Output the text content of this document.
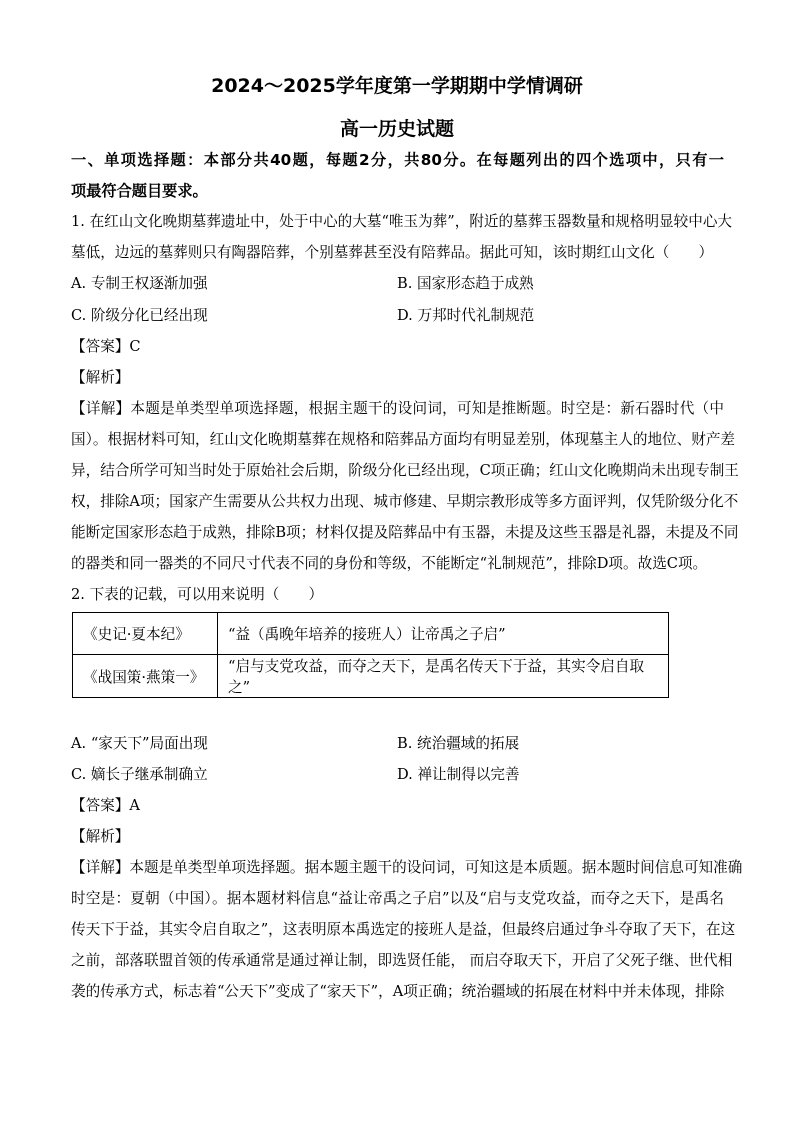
2024～2025学年度第一学期期中学情调研
高一历史试题
一、单项选择题：本部分共40题，每题2分，共80分。在每题列出的四个选项中，只有一
项最符合题目要求。
1. 在红山文化晚期墓葬遗址中，处于中心的大墓“唯玉为葬”，附近的墓葬玉器数量和规格明显较中心大
墓低，边远的墓葬则只有陶器陪葬，个别墓葬甚至没有陪葬品。据此可知，该时期红山文化（　　）
A. 专制王权逐渐加强	B. 国家形态趋于成熟
C. 阶级分化已经出现	D. 万邦时代礼制规范
【答案】C
【解析】
【详解】本题是单类型单项选择题，根据主题干的设问词，可知是推断题。时空是：新石器时代（中
国）。根据材料可知，红山文化晚期墓葬在规格和陪葬品方面均有明显差别，体现墓主人的地位、财产差
异，结合所学可知当时处于原始社会后期，阶级分化已经出现，C项正确；红山文化晚期尚未出现专制王
权，排除A项；国家产生需要从公共权力出现、城市修建、早期宗教形成等多方面评判，仅凭阶级分化不
能断定国家形态趋于成熟，排除B项；材料仅提及陪葬品中有玉器，未提及这些玉器是礼器，未提及不同
的器类和同一器类的不同尺寸代表不同的身份和等级，不能断定“礼制规范”，排除D项。故选C项。
2. 下表的记载，可以用来说明（　　）
《史记·夏本纪》	“益（禹晚年培养的接班人）让帝禹之子启”
《战国策·燕策一》	“启与支党攻益，而夺之天下，是禹名传天下于益，其实令启自取之”
A. “家天下”局面出现	B. 统治疆域的拓展
C. 嫡长子继承制确立	D. 禅让制得以完善
【答案】A
【解析】
【详解】本题是单类型单项选择题。据本题主题干的设问词，可知这是本质题。据本题时间信息可知准确
时空是：夏朝（中国）。据本题材料信息“益让帝禹之子启”以及“启与支党攻益，而夺之天下，是禹名
传天下于益，其实令启自取之”，这表明原本禹选定的接班人是益，但最终启通过争斗夺取了天下，在这
之前，部落联盟首领的传承通常是通过禅让制，即选贤任能， 而启夺取天下，开启了父死子继、世代相
袭的传承方式，标志着“公天下”变成了“家天下”，A项正确；统治疆域的拓展在材料中并未体现，排除
